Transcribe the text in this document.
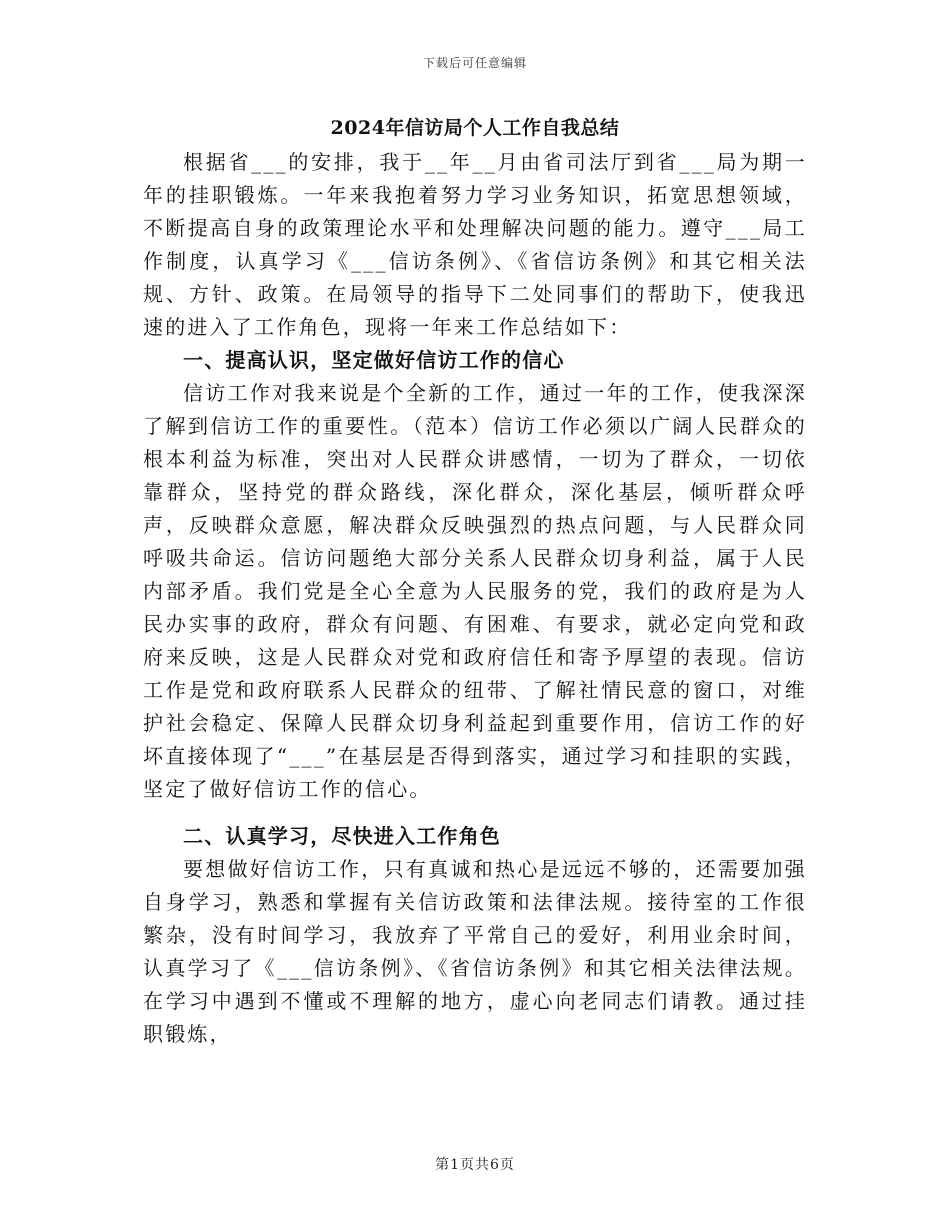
下载后可任意编辑
2024年信访局个人工作自我总结

根据省___的安排，我于__年__月由省司法厅到省___局为期一年的挂职锻炼。一年来我抱着努力学习业务知识，拓宽思想领域，不断提高自身的政策理论水平和处理解决问题的能力。遵守___局工作制度，认真学习《___信访条例》、《省信访条例》和其它相关法规、方针、政策。在局领导的指导下二处同事们的帮助下，使我迅速的进入了工作角色，现将一年来工作总结如下：

一、提高认识，坚定做好信访工作的信心

信访工作对我来说是个全新的工作，通过一年的工作，使我深深了解到信访工作的重要性。（范本）信访工作必须以广阔人民群众的根本利益为标准，突出对人民群众讲感情，一切为了群众，一切依靠群众，坚持党的群众路线，深化群众，深化基层，倾听群众呼声，反映群众意愿，解决群众反映强烈的热点问题，与人民群众同呼吸共命运。信访问题绝大部分关系人民群众切身利益，属于人民内部矛盾。我们党是全心全意为人民服务的党，我们的政府是为人民办实事的政府，群众有问题、有困难、有要求，就必定向党和政府来反映，这是人民群众对党和政府信任和寄予厚望的表现。信访工作是党和政府联系人民群众的纽带、了解社情民意的窗口，对维护社会稳定、保障人民群众切身利益起到重要作用，信访工作的好坏直接体现了“___”在基层是否得到落实，通过学习和挂职的实践，坚定了做好信访工作的信心。

二、认真学习，尽快进入工作角色

要想做好信访工作，只有真诚和热心是远远不够的，还需要加强自身学习，熟悉和掌握有关信访政策和法律法规。接待室的工作很繁杂，没有时间学习，我放弃了平常自己的爱好，利用业余时间，认真学习了《___信访条例》、《省信访条例》和其它相关法律法规。在学习中遇到不懂或不理解的地方，虚心向老同志们请教。通过挂职锻炼，

第1页共6页
